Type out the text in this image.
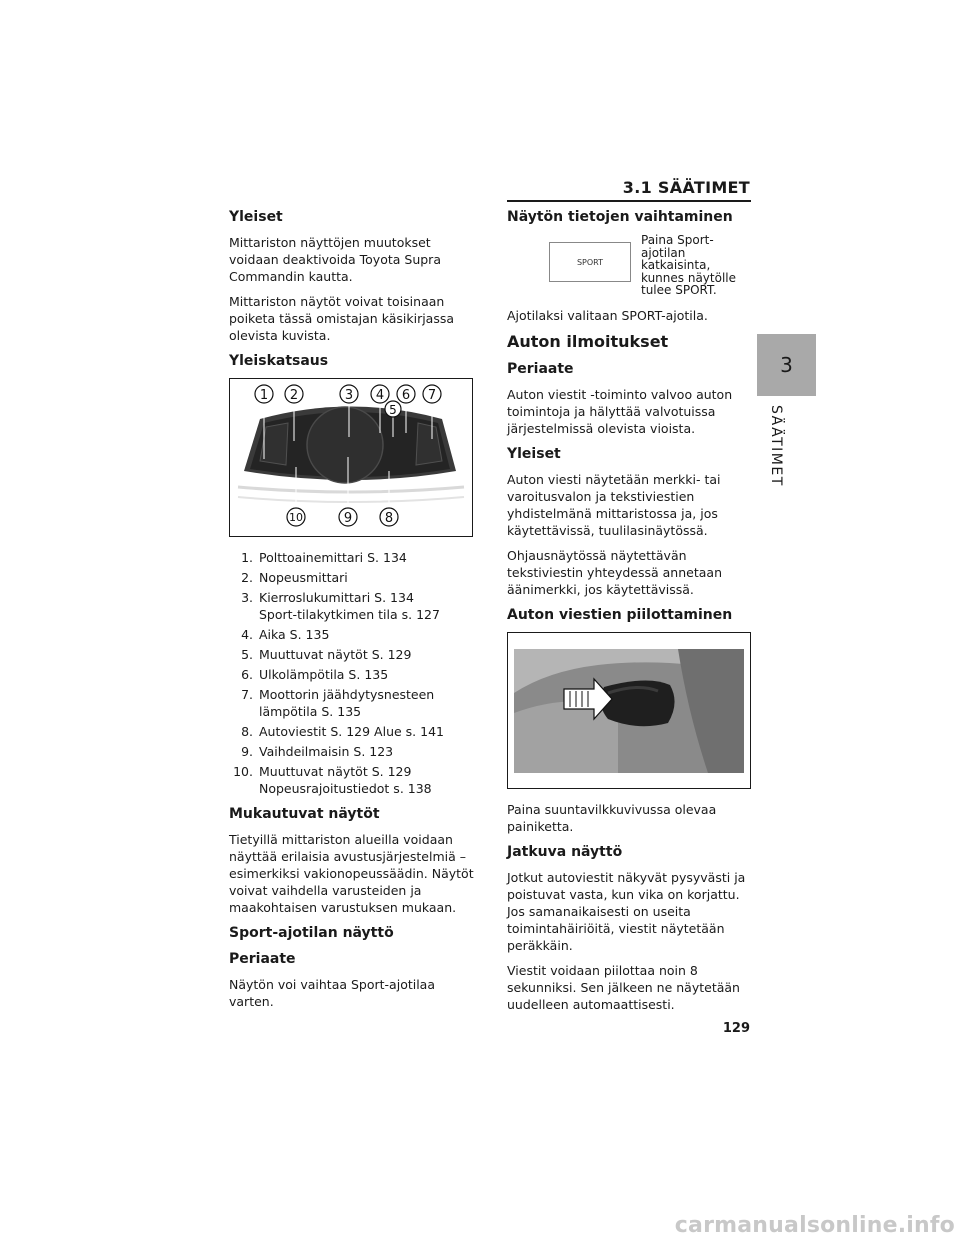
3.1 SÄÄTIMET
3
SÄÄTIMET
Yleiset

Mittariston näyttöjen muutokset voidaan deaktivoida Toyota Supra Commandin kautta.

Mittariston näytöt voivat toisinaan poiketa tässä omistajan käsikirjassa olevista kuvista.

Yleiskatsaus
1 2	3 4 6 7
5
10	9	8
1. Polttoainemittari S. 134
2. Nopeusmittari
3. Kierroslukumittari S. 134
Sport-tilakytkimen tila s. 127
4. Aika S. 135
5. Muuttuvat näytöt S. 129
6. Ulkolämpötila S. 135
7. Moottorin jäähdytysnesteen
lämpötila S. 135
8. Autoviestit S. 129 Alue s. 141
9. Vaihdeilmaisin S. 123
10. Muuttuvat näytöt S. 129
Nopeusrajoitustiedot s. 138
Mukautuvat näytöt

Tietyillä mittariston alueilla voidaan näyttää erilaisia avustusjärjestelmiä – esimerkiksi vakionopeussäädin. Näytöt voivat vaihdella varusteiden ja maakohtaisen varustuksen mukaan.

Sport-ajotilan näyttö
Periaate

Näytön voi vaihtaa Sport-ajotilaa varten.

Näytön tietojen vaihtaminen
SPORT
Paina Sport-ajotilan
katkaisinta,
kunnes näytölle
tulee SPORT.

Ajotilaksi valitaan SPORT-ajotila.

Auton ilmoitukset
Periaate

Auton viestit -toiminto valvoo auton toimintoja ja hälyttää valvotuissa järjestelmissä olevista vioista.

Yleiset

Auton viesti näytetään merkki- tai varoitusvalon ja tekstiviestien yhdistelmänä mittaristossa ja, jos käytettävissä, tuulilasinäytössä.

Ohjausnäytössä näytettävän tekstiviestin yhteydessä annetaan äänimerkki, jos käytettävissä.

Auton viestien piilottaminen

Paina suuntavilkkuvivussa olevaa painiketta.

Jatkuva näyttö

Jotkut autoviestit näkyvät pysyvästi ja poistuvat vasta, kun vika on korjattu. Jos samanaikaisesti on useita toimintahäiriöitä, viestit näytetään peräkkäin.

Viestit voidaan piilottaa noin 8 sekunniksi. Sen jälkeen ne näytetään uudelleen automaattisesti.

129
carmanualsonline.info
